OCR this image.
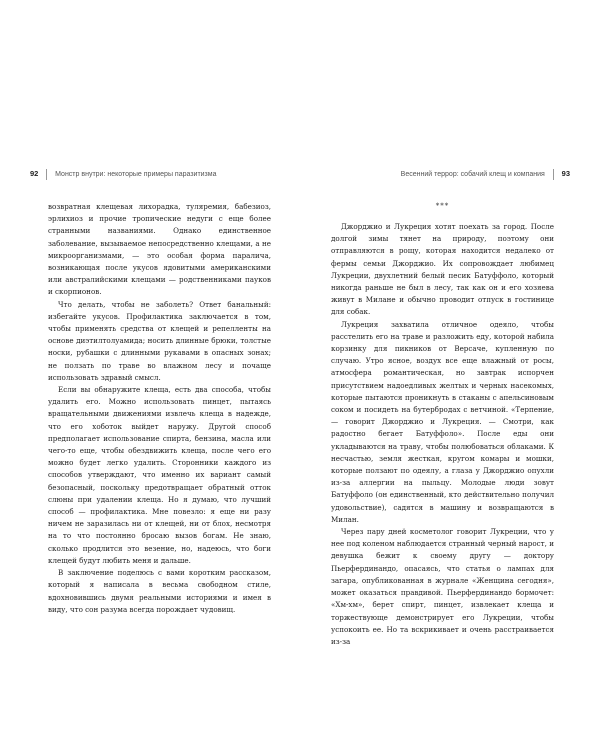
92 Монстр внутри: некоторые примеры паразитизма	Весенний террор: собачий клещ и компания 93

возвратная клещевая лихорадка, туляремия, бабезиоз, эрлихиоз и прочие тропические недуги с еще более странными названиями. Однако единственное заболевание, вызываемое непосредственно клещами, а не микроорганизмами, — это особая форма паралича, возникающая после укусов ядовитыми американскими или австралийскими клещами — родственниками пауков и скорпионов.

Что делать, чтобы не заболеть? Ответ банальный: избегайте укусов. Профилактика заключается в том, чтобы применять средства от клещей и репелленты на основе диэтилтолуамида; носить длинные брюки, толстые носки, рубашки с длинными рукавами в опасных зонах; не ползать по траве во влажном лесу и почаще использовать здравый смысл.

Если вы обнаружите клеща, есть два способа, чтобы удалить его. Можно использовать пинцет, пытаясь вращательными движениями извлечь клеща в надежде, что его хоботок выйдет наружу. Другой способ предполагает использование спирта, бензина, масла или чего-то еще, чтобы обездвижить клеща, после чего его можно будет легко удалить. Сторонники каждого из способов утверждают, что именно их вариант самый безопасный, поскольку предотвращает обратный отток слюны при удалении клеща. Но я думаю, что лучший способ — профилактика. Мне повезло: я еще ни разу ничем не заразилась ни от клещей, ни от блох, несмотря на то что постоянно бросаю вызов богам. Не знаю, сколько продлится это везение, но, надеюсь, что боги клещей будут любить меня и дальше.

В заключение поделюсь с вами коротким рассказом, который я написала в весьма свободном стиле, вдохновившись двумя реальными историями и имея в виду, что сон разума всегда порождает чудовищ.

***

Джорджио и Лукреция хотят поехать за город. После долгой зимы тянет на природу, поэтому они отправляются в рощу, которая находится недалеко от фермы семьи Джорджио. Их сопровождает любимец Лукреции, двухлетний белый песик Батуффоло, который никогда раньше не был в лесу, так как он и его хозяева живут в Милане и обычно проводит отпуск в гостинице для собак.

Лукреция захватила отличное одеяло, чтобы расстелить его на траве и разложить еду, которой набила корзинку для пикников от Версаче, купленную по случаю. Утро ясное, воздух все еще влажный от росы, атмосфера романтическая, но завтрак испорчен присутствием надоедливых желтых и черных насекомых, которые пытаются проникнуть в стаканы с апельсиновым соком и посидеть на бутербродах с ветчиной. «Терпение, — говорит Джорджио и Лукреция. — Смотри, как радостно бегает Батуффоло». После еды они укладываются на траву, чтобы полюбоваться облаками. К несчастью, земля жесткая, кругом комары и мошки, которые ползают по одеялу, а глаза у Джорджио опухли из-за аллергии на пыльцу. Молодые люди зовут Батуффоло (он единственный, кто действительно получил удовольствие), садятся в машину и возвращаются в Милан.

Через пару дней косметолог говорит Лукреции, что у нее под коленом наблюдается странный черный нарост, и девушка бежит к своему другу — доктору Пьерфердинандо, опасаясь, что статья о лампах для загара, опубликованная в журнале «Женщина сегодня», может оказаться правдивой. Пьерфердинандо бормочет: «Хм-хм», берет спирт, пинцет, извлекает клеща и торжествующе демонстрирует его Лукреции, чтобы успокоить ее. Но та вскрикивает и очень расстраивается из-за
